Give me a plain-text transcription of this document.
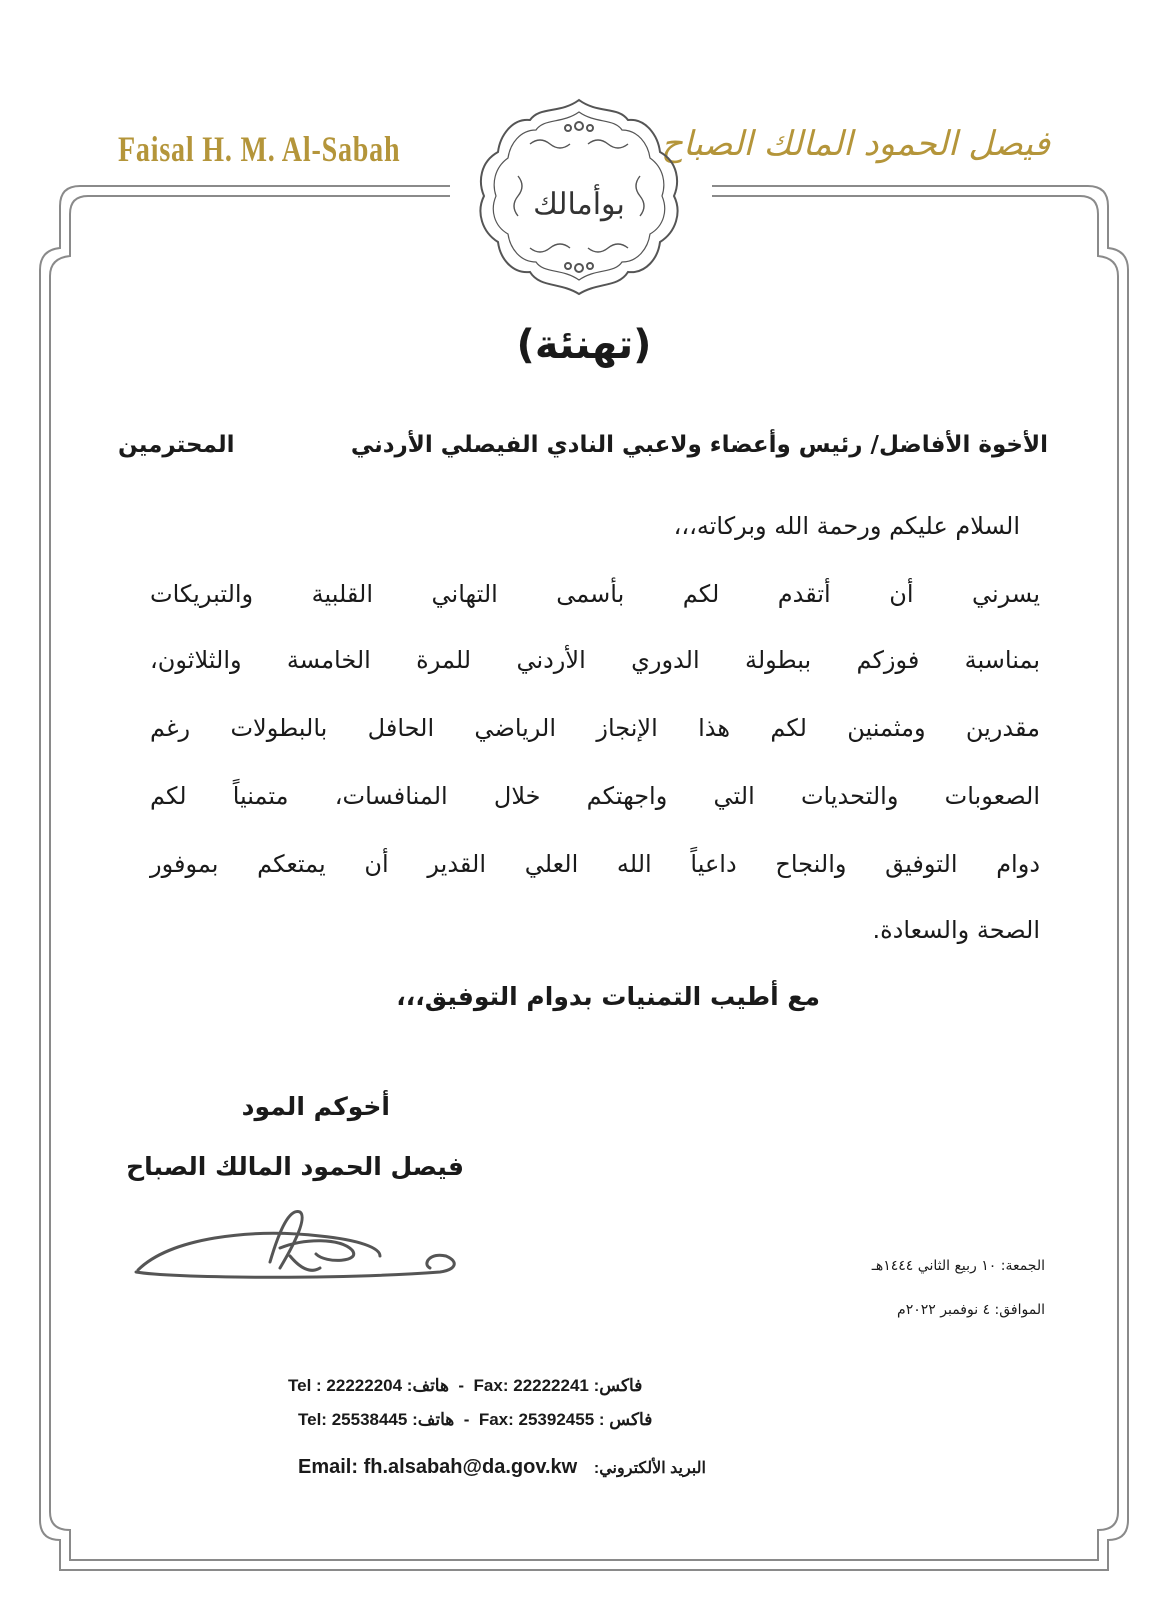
Faisal H. M. Al-Sabah	فيصل الحمود المالك الصباح
بوأمالك
(تهنئة)
الأخوة الأفاضل/ رئيس وأعضاء ولاعبي النادي الفيصلي الأردني
المحترمين
السلام عليكم ورحمة الله وبركاته،،،
يسرني أن أتقدم لكم بأسمى التهاني القلبية والتبريكات
بمناسبة فوزكم ببطولة الدوري الأردني للمرة الخامسة والثلاثون،
مقدرين ومثمنين لكم هذا الإنجاز الرياضي الحافل بالبطولات رغم
الصعوبات والتحديات التي واجهتكم خلال المنافسات، متمنياً لكم
دوام التوفيق والنجاح داعياً الله العلي القدير أن يمتعكم بموفور
الصحة والسعادة.
مع أطيب التمنيات بدوام التوفيق،،،
أخوكم المود
فيصل الحمود المالك الصباح
الجمعة: ١٠ ربيع الثاني ١٤٤٤هـ
الموافق: ٤ نوفمبر ٢٠٢٢م
Tel : 22222204 :هاتف - Fax: 22222241 :فاكس
Tel: 25538445 :هاتف - Fax: 25392455 : فاكس
Email: fh.alsabah@da.gov.kw :البريد الألكتروني
